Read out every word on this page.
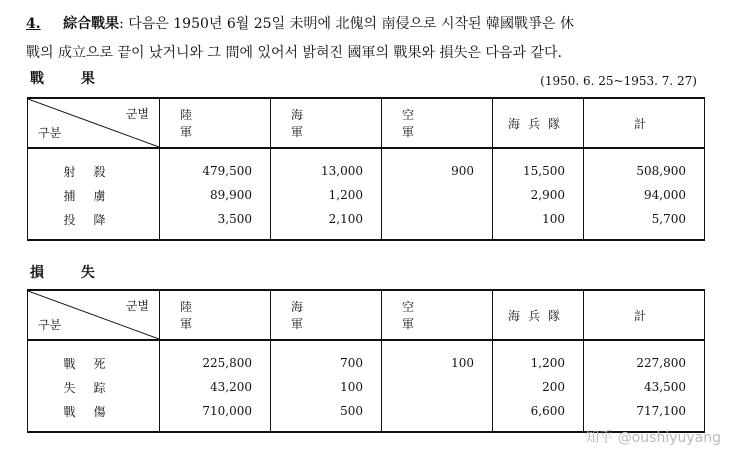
4. 綜合戰果: 다음은 1950년 6월 25일 未明에 北傀의 南侵으로 시작된 韓國戰爭은 休
戰의 成立으로 끝이 났거니와 그 間에 있어서 밝혀진 國軍의 戰果와 損失은 다음과 같다.
戰 果	(1950. 6. 25~1953. 7. 27)
군별
구분	陸 軍	海 軍	空 軍	海兵隊	計
射殺	479,500	13,000	900	15,500	508,900
捕虜	89,900	1,200		2,900	94,000
投降	3,500	2,100		100	5,700
損 失
군별
구분	陸 軍	海 軍	空 軍	海兵隊	計
戰死	225,800	700	100	1,200	227,800
失踪	43,200	100		200	43,500
戰傷	710,000	500		6,600	717,100
知乎 @oushiyuyang
